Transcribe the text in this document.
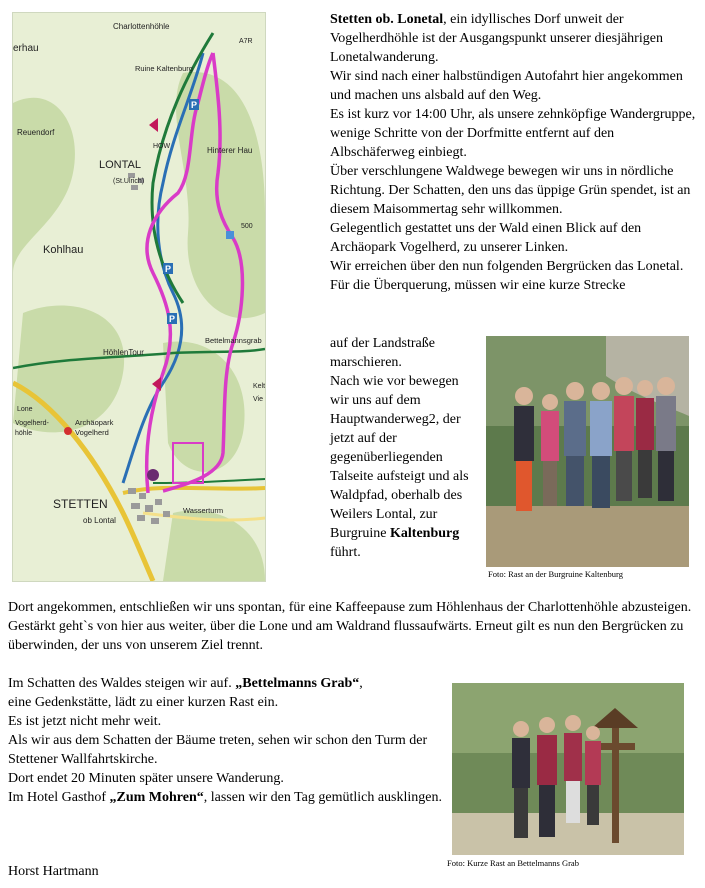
P
P
P
Charlottenhöhle
erhau
Ruine Kaltenburg
Reuendorf
LONTAL
(St.Ulrich)
Hinterer Hau
Kohlhau
HöhlenTour
Bettelmannsgrab
Vogelherd-
höhle
Archäopark
Vogelherd
STETTEN
ob Lontal
Wasserturm
Lone
HOW
A7R
500
Kelt
Vie
Stetten ob. Lonetal, ein idyllisches Dorf unweit der Vogelherdhöhle ist der Ausgangspunkt unserer diesjährigen Lonetalwanderung.
Wir sind nach einer halbstündigen Autofahrt hier angekommen und machen uns alsbald auf den Weg.
Es ist kurz vor 14:00 Uhr, als unsere zehnköpfige Wandergruppe, wenige Schritte von der Dorfmitte entfernt auf den Albschäferweg einbiegt.
Über verschlungene Waldwege bewegen wir uns in nördliche Richtung. Der Schatten, den uns das üppige Grün spendet, ist an diesem Maisommertag sehr willkommen.
Gelegentlich gestattet uns der Wald einen Blick auf den Archäopark Vogelherd, zu unserer Linken.
Wir erreichen über den nun folgenden Bergrücken das Lonetal.
Für die Überquerung, müssen wir eine kurze Strecke
auf der Landstraße marschieren.
Nach wie vor bewegen wir uns auf dem Hauptwanderweg2, der jetzt auf der gegenüberliegenden Talseite aufsteigt und als Waldpfad, oberhalb des Weilers Lontal, zur Burgruine Kaltenburg führt.
Foto: Rast an der Burgruine Kaltenburg
Dort angekommen, entschließen wir uns spontan, für eine Kaffeepause zum Höhlenhaus der Charlottenhöhle abzusteigen.
Gestärkt geht`s von hier aus weiter, über die Lone und am Waldrand flussaufwärts. Erneut gilt es nun den Bergrücken zu überwinden, der uns von unserem Ziel trennt.
Im Schatten des Waldes steigen wir auf. „Bettelmanns Grab“,
eine Gedenkstätte, lädt zu einer kurzen Rast ein.
Es ist jetzt nicht mehr weit.
Als wir aus dem Schatten der Bäume treten, sehen wir schon den Turm der Stettener Wallfahrtskirche.
Dort endet 20 Minuten später unsere Wanderung.
Im Hotel Gasthof „Zum Mohren“, lassen wir den Tag gemütlich ausklingen.
Foto: Kurze Rast an Bettelmanns Grab
Horst Hartmann
